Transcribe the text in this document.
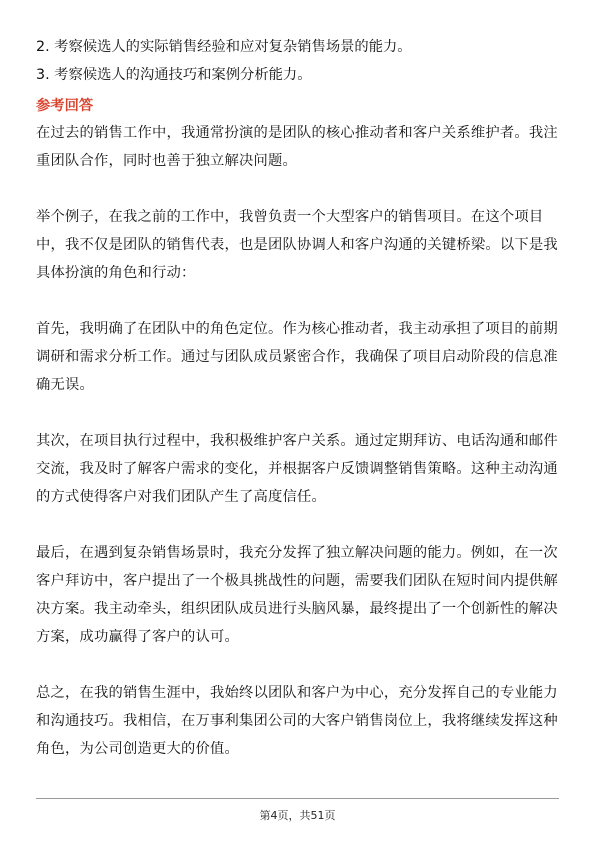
2. 考察候选人的实际销售经验和应对复杂销售场景的能力。

3. 考察候选人的沟通技巧和案例分析能力。

参考回答

在过去的销售工作中，我通常扮演的是团队的核心推动者和客户关系维护者。我注重团队合作，同时也善于独立解决问题。

举个例子，在我之前的工作中，我曾负责一个大型客户的销售项目。在这个项目中，我不仅是团队的销售代表，也是团队协调人和客户沟通的关键桥梁。以下是我具体扮演的角色和行动：

首先，我明确了在团队中的角色定位。作为核心推动者，我主动承担了项目的前期调研和需求分析工作。通过与团队成员紧密合作，我确保了项目启动阶段的信息准确无误。

其次，在项目执行过程中，我积极维护客户关系。通过定期拜访、电话沟通和邮件交流，我及时了解客户需求的变化，并根据客户反馈调整销售策略。这种主动沟通的方式使得客户对我们团队产生了高度信任。

最后，在遇到复杂销售场景时，我充分发挥了独立解决问题的能力。例如，在一次客户拜访中，客户提出了一个极具挑战性的问题，需要我们团队在短时间内提供解决方案。我主动牵头，组织团队成员进行头脑风暴，最终提出了一个创新性的解决方案，成功赢得了客户的认可。

总之，在我的销售生涯中，我始终以团队和客户为中心，充分发挥自己的专业能力和沟通技巧。我相信，在万事利集团公司的大客户销售岗位上，我将继续发挥这种角色，为公司创造更大的价值。

第4页，共51页
